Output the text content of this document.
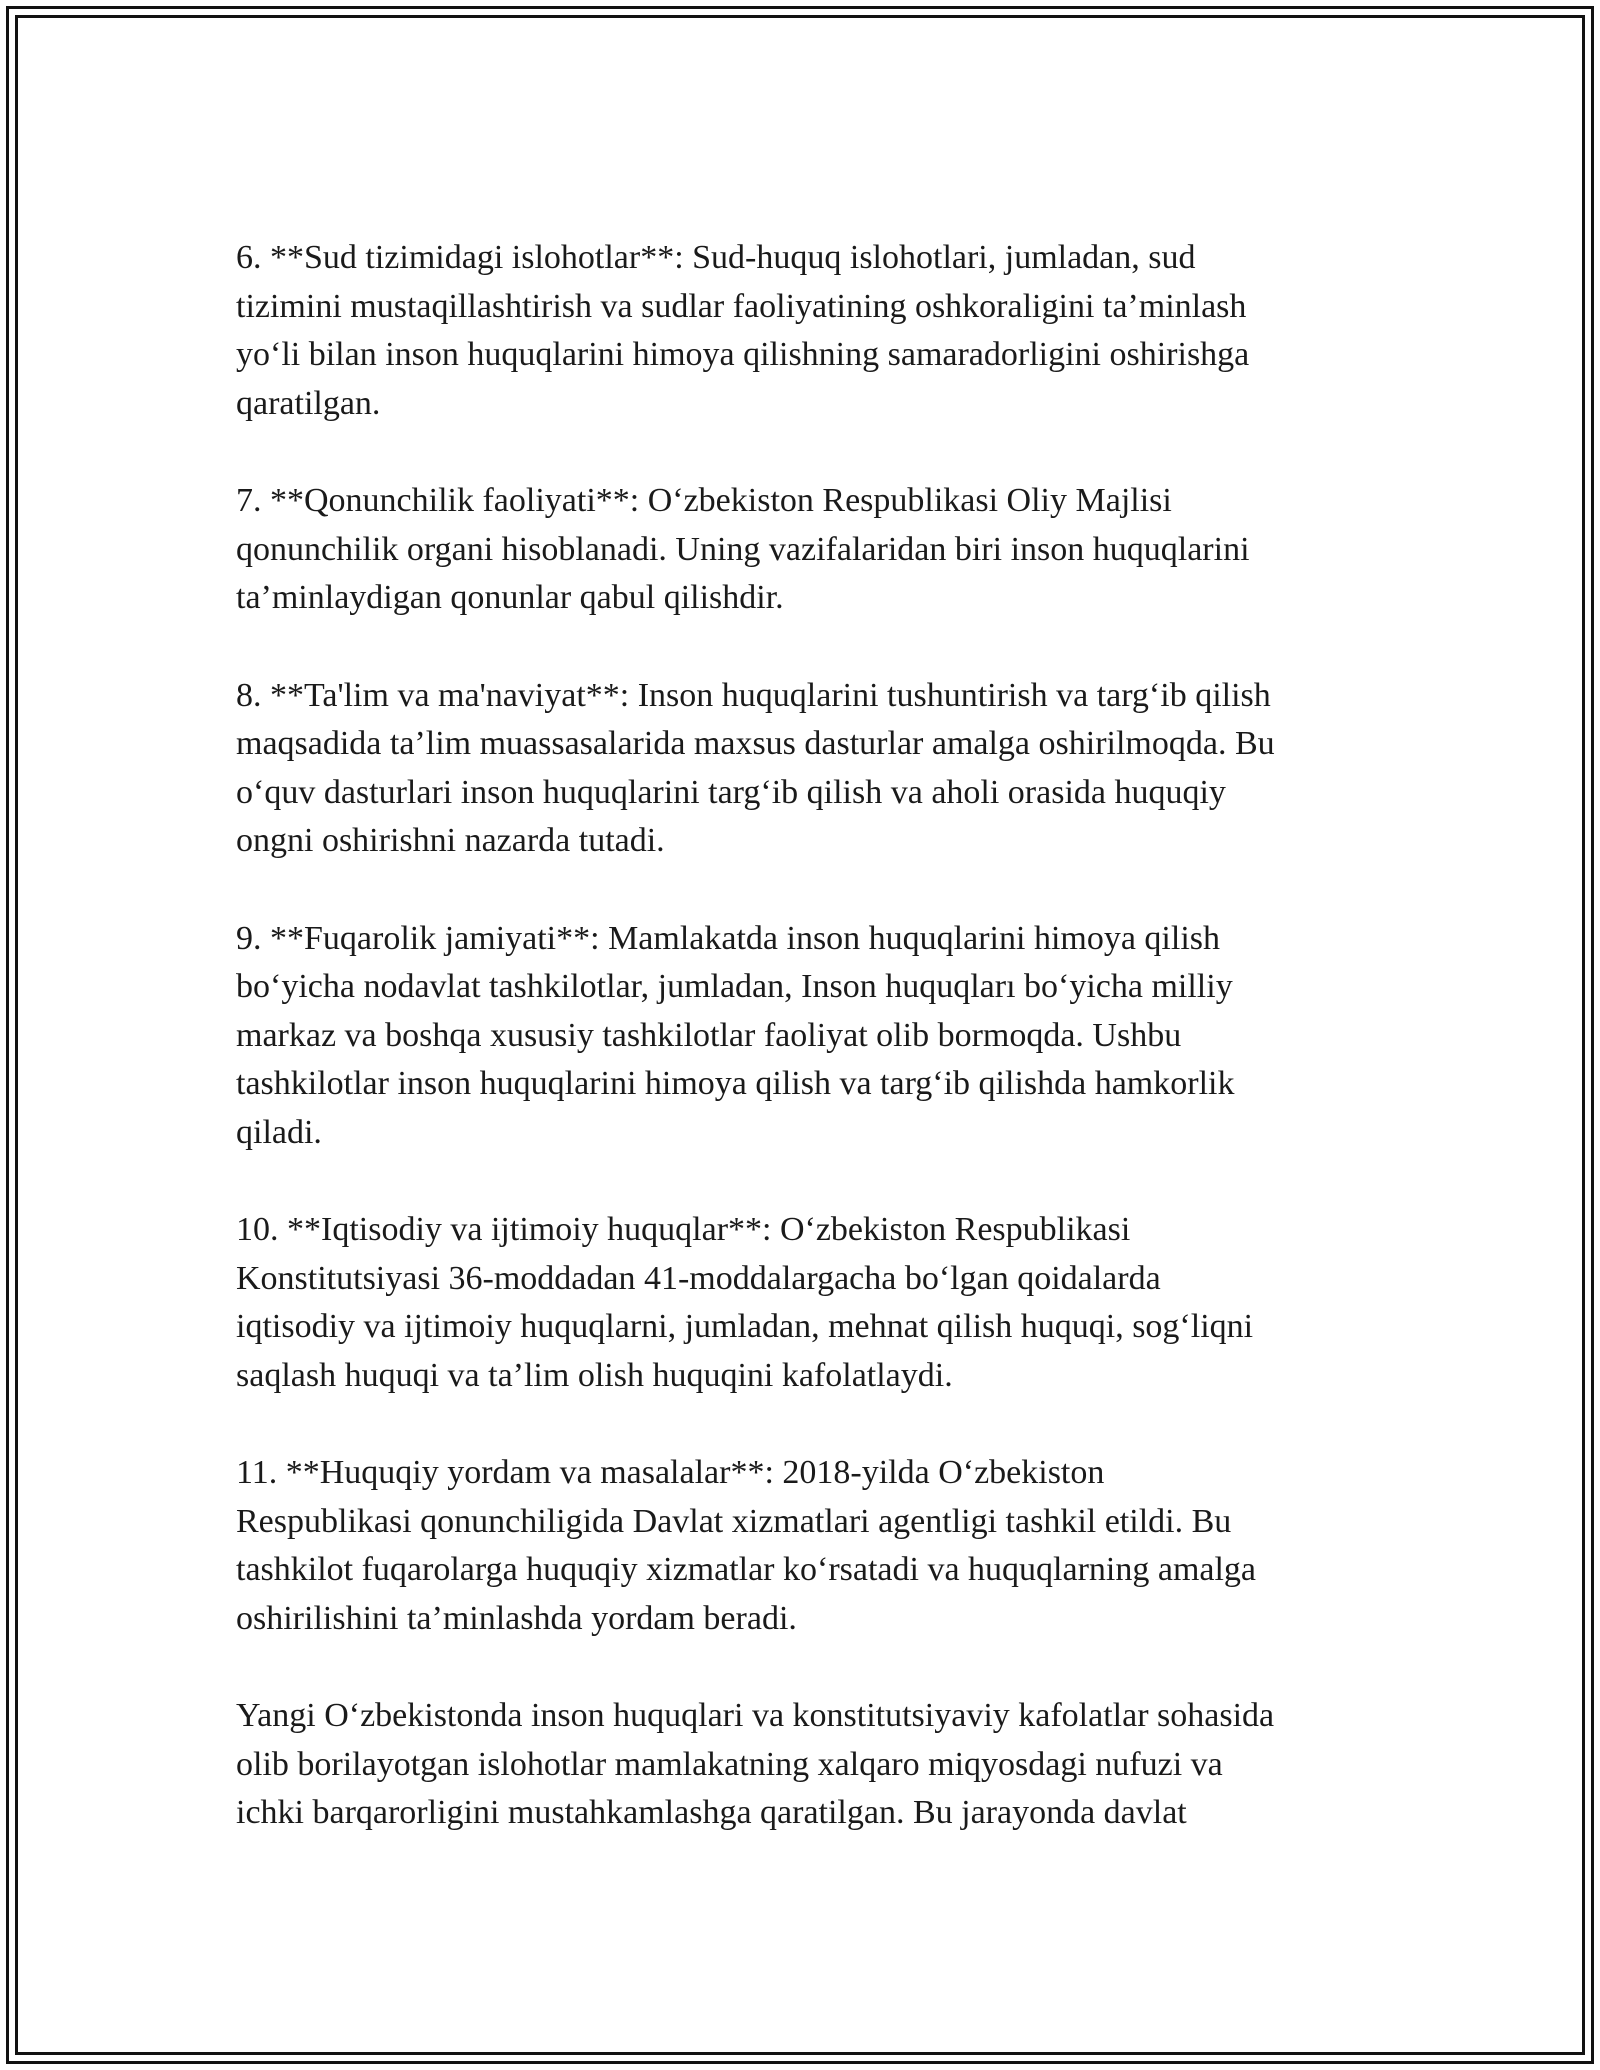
6. **Sud tizimidagi islohotlar**: Sud-huquq islohotlari, jumladan, sud
tizimini mustaqillashtirish va sudlar faoliyatining oshkoraligini ta’minlash
yo‘li bilan inson huquqlarini himoya qilishning samaradorligini oshirishga
qaratilgan.

7. **Qonunchilik faoliyati**: O‘zbekiston Respublikasi Oliy Majlisi
qonunchilik organi hisoblanadi. Uning vazifalaridan biri inson huquqlarini
ta’minlaydigan qonunlar qabul qilishdir.

8. **Ta'lim va ma'naviyat**: Inson huquqlarini tushuntirish va targ‘ib qilish
maqsadida ta’lim muassasalarida maxsus dasturlar amalga oshirilmoqda. Bu
o‘quv dasturlari inson huquqlarini targ‘ib qilish va aholi orasida huquqiy
ongni oshirishni nazarda tutadi.

9. **Fuqarolik jamiyati**: Mamlakatda inson huquqlarini himoya qilish
bo‘yicha nodavlat tashkilotlar, jumladan, Inson huquqları bo‘yicha milliy
markaz va boshqa xususiy tashkilotlar faoliyat olib bormoqda. Ushbu
tashkilotlar inson huquqlarini himoya qilish va targ‘ib qilishda hamkorlik
qiladi.

10. **Iqtisodiy va ijtimoiy huquqlar**: O‘zbekiston Respublikasi
Konstitutsiyasi 36-moddadan 41-moddalargacha bo‘lgan qoidalarda
iqtisodiy va ijtimoiy huquqlarni, jumladan, mehnat qilish huquqi, sog‘liqni
saqlash huquqi va ta’lim olish huquqini kafolatlaydi.

11. **Huquqiy yordam va masalalar**: 2018-yilda O‘zbekiston
Respublikasi qonunchiligida Davlat xizmatlari agentligi tashkil etildi. Bu
tashkilot fuqarolarga huquqiy xizmatlar ko‘rsatadi va huquqlarning amalga
oshirilishini ta’minlashda yordam beradi.

Yangi O‘zbekistonda inson huquqlari va konstitutsiyaviy kafolatlar sohasida
olib borilayotgan islohotlar mamlakatning xalqaro miqyosdagi nufuzi va
ichki barqarorligini mustahkamlashga qaratilgan. Bu jarayonda davlat
